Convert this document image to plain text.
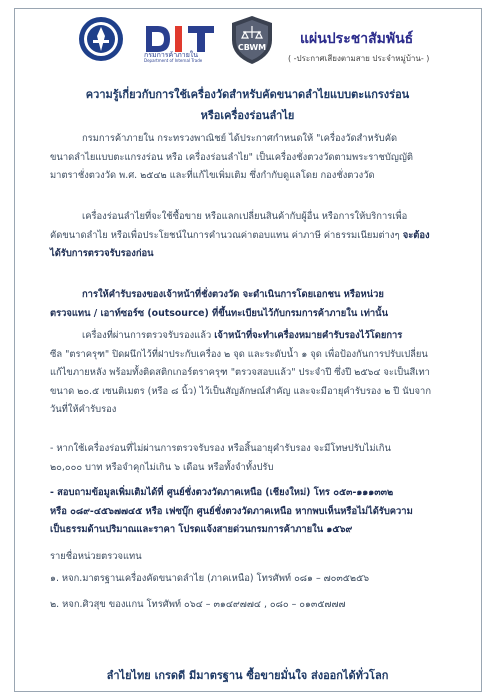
กรมการค้าภายใน
Department of Internal Trade
CBWM
แผ่นประชาสัมพันธ์
( -ประกาศเสียงตามสาย ประจำหมู่บ้าน- )
ความรู้เกี่ยวกับการใช้เครื่องวัดสำหรับคัดขนาดลำไยแบบตะแกรงร่อน
หรือเครื่องร่อนลำไย
กรมการค้าภายใน กระทรวงพาณิชย์ ได้ประกาศกำหนดให้ "เครื่องวัดสำหรับคัด
ขนาดลำไยแบบตะแกรงร่อน หรือ เครื่องร่อนลำไย" เป็นเครื่องชั่งตวงวัดตามพระราชบัญญัติ
มาตราชั่งตวงวัด พ.ศ. ๒๕๔๒ และที่แก้ไขเพิ่มเติม ซึ่งกำกับดูแลโดย กองชั่งตวงวัด
เครื่องร่อนลำไยที่จะใช้ซื้อขาย หรือแลกเปลี่ยนสินค้ากับผู้อื่น หรือการให้บริการเพื่อ
คัดขนาดลำไย หรือเพื่อประโยชน์ในการคำนวณค่าตอบแทน ค่าภาษี ค่าธรรมเนียมต่างๆ จะต้อง
ได้รับการตรวจรับรองก่อน
การให้คำรับรองของเจ้าหน้าที่ชั่งตวงวัด จะดำเนินการโดยเอกชน หรือหน่วย
ตรวจแทน / เอาท์ซอร์ซ (outsource) ที่ขึ้นทะเบียนไว้กับกรมการค้าภายใน เท่านั้น
เครื่องที่ผ่านการตรวจรับรองแล้ว เจ้าหน้าที่จะทำเครื่องหมายคำรับรองไว้โดยการ
ซีล "ตราครุฑ" ปิดผนึกไว้ที่ฝาประกับเครื่อง ๒ จุด และระดับน้ำ ๑ จุด เพื่อป้องกันการปรับเปลี่ยน
แก้ไขภายหลัง พร้อมทั้งติดสติกเกอร์ตราครุฑ "ตรวจสอบแล้ว" ประจำปี ซึ่งปี ๒๕๖๔ จะเป็นสีเทา
ขนาด ๒๐.๕ เซนติเมตร (หรือ ๘ นิ้ว) ไว้เป็นสัญลักษณ์สำคัญ และจะมีอายุคำรับรอง ๒ ปี นับจาก
วันที่ให้คำรับรอง
- หากใช้เครื่องร่อนที่ไม่ผ่านการตรวจรับรอง หรือสิ้นอายุคำรับรอง จะมีโทษปรับไม่เกิน
๒๐,๐๐๐ บาท หรือจำคุกไม่เกิน ๖ เดือน หรือทั้งจำทั้งปรับ
- สอบถามข้อมูลเพิ่มเติมได้ที่ ศูนย์ชั่งตวงวัดภาคเหนือ (เชียงใหม่) โทร ๐๕๓-๑๑๑๓๓๒
หรือ ๐๘๙-๔๕๖๗๗๔๕ หรือ เฟซบุ๊ก ศูนย์ชั่งตวงวัดภาคเหนือ หากพบเห็นหรือไม่ได้รับความ
เป็นธรรมด้านปริมาณและราคา โปรดแจ้งสายด่วนกรมการค้าภายใน ๑๕๖๙
รายชื่อหน่วยตรวจแทน
๑. หจก.มาตรฐานเครื่องคัดขนาดลำไย (ภาคเหนือ) โทรศัพท์ ๐๘๑ – ๗๐๓๕๒๕๖
๒. หจก.ศิวสุข ของแกน โทรศัพท์ ๐๖๔ – ๓๑๔๙๗๗๔ , ๐๘๐ – ๐๑๓๕๗๗๗
ลำไยไทย เกรดดี มีมาตรฐาน ซื้อขายมั่นใจ ส่งออกได้ทั่วโลก
